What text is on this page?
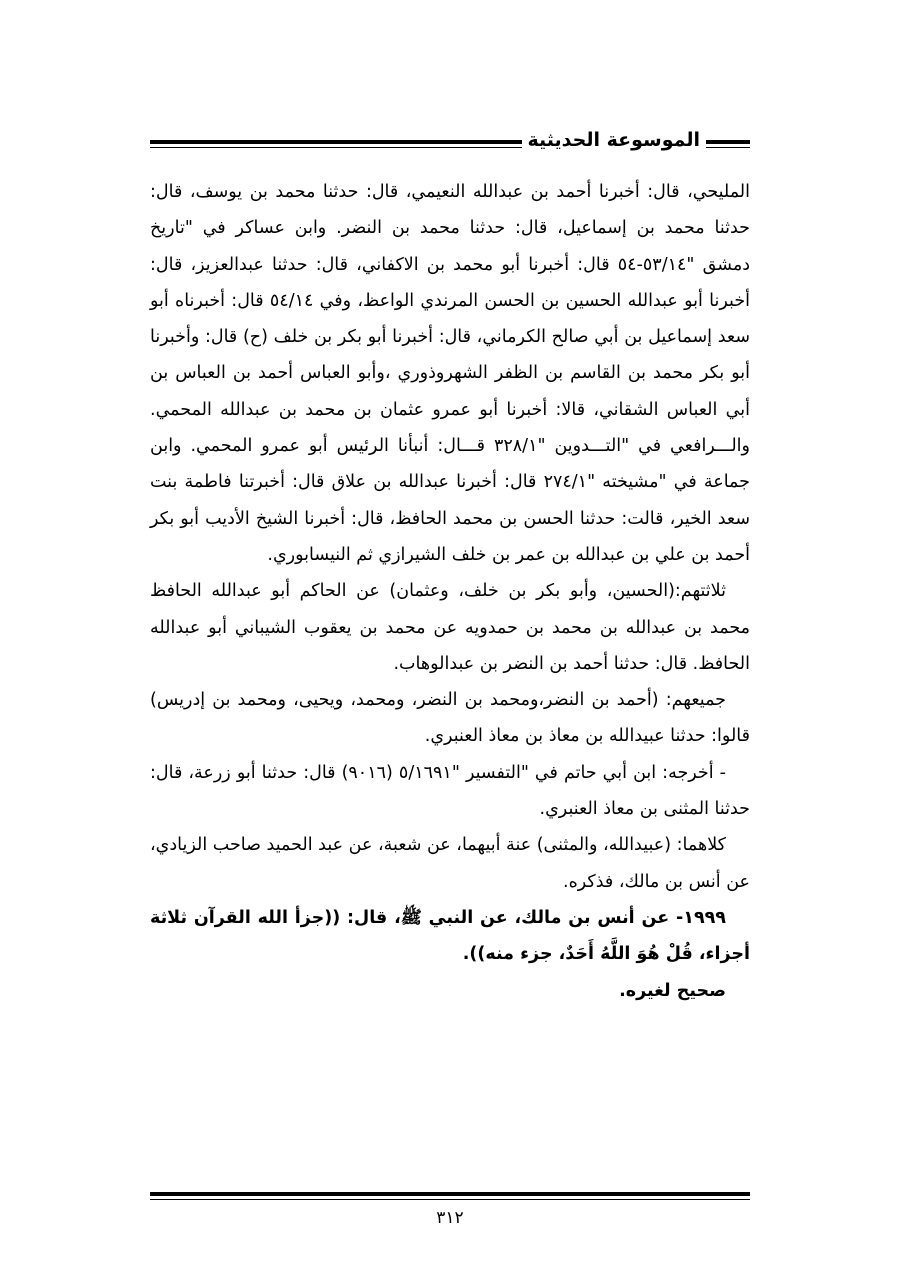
الموسوعة الحديثية

المليحي، قال: أخبرنا أحمد بن عبدالله النعيمي، قال: حدثنا محمد بن يوسف، قال: حدثنا محمد بن إسماعيل، قال: حدثنا محمد بن النضر. وابن عساكر في "تاريخ دمشق "٥٣/١٤-٥٤ قال: أخبرنا أبو محمد بن الاكفاني، قال: حدثنا عبدالعزيز، قال: أخبرنا أبو عبدالله الحسين بن الحسن المرندي الواعظ، وفي ٥٤/١٤ قال: أخبرناه أبو سعد إسماعيل بن أبي صالح الكرماني، قال: أخبرنا أبو بكر بن خلف (ح) قال: وأخبرنا أبو بكر محمد بن القاسم بن الظفر الشهروذوري ،وأبو العباس أحمد بن العباس بن أبي العباس الشقاني، قالا: أخبرنا أبو عمرو عثمان بن محمد بن عبدالله المحمي. والـــرافعي في "التـــدوين "٣٢٨/١ قـــال: أنبأنا الرئيس أبو عمرو المحمي. وابن جماعة في "مشيخته "٢٧٤/١ قال: أخبرنا عبدالله بن علاق قال: أخبرتنا فاطمة بنت سعد الخير، قالت: حدثنا الحسن بن محمد الحافظ، قال: أخبرنا الشيخ الأديب أبو بكر أحمد بن علي بن عبدالله بن عمر بن خلف الشيرازي ثم النيسابوري.

ثلاثتهم:(الحسين، وأبو بكر بن خلف، وعثمان) عن الحاكم أبو عبدالله الحافظ محمد بن عبدالله بن محمد بن حمدويه عن محمد بن يعقوب الشيباني أبو عبدالله الحافظ. قال: حدثنا أحمد بن النضر بن عبدالوهاب.

جميعهم: (أحمد بن النضر،ومحمد بن النضر، ومحمد، ويحيى، ومحمد بن إدريس) قالوا: حدثنا عبيدالله بن معاذ بن معاذ العنبري.

- أخرجه: ابن أبي حاتم في "التفسير "٥/١٦٩١ (٩٠١٦) قال: حدثنا أبو زرعة، قال: حدثنا المثنى بن معاذ العنبري.

كلاهما: (عبيدالله، والمثنى) عنة أبيهما، عن شعبة، عن عبد الحميد صاحب الزيادي، عن أنس بن مالك، فذكره.

١٩٩٩- عن أنس بن مالك، عن النبي ﷺ، قال: ((جزأ الله القرآن ثلاثة أجزاء، قُلْ هُوَ اللَّهُ أَحَدٌ، جزء منه)).

صحيح لغيره.

٣١٢
